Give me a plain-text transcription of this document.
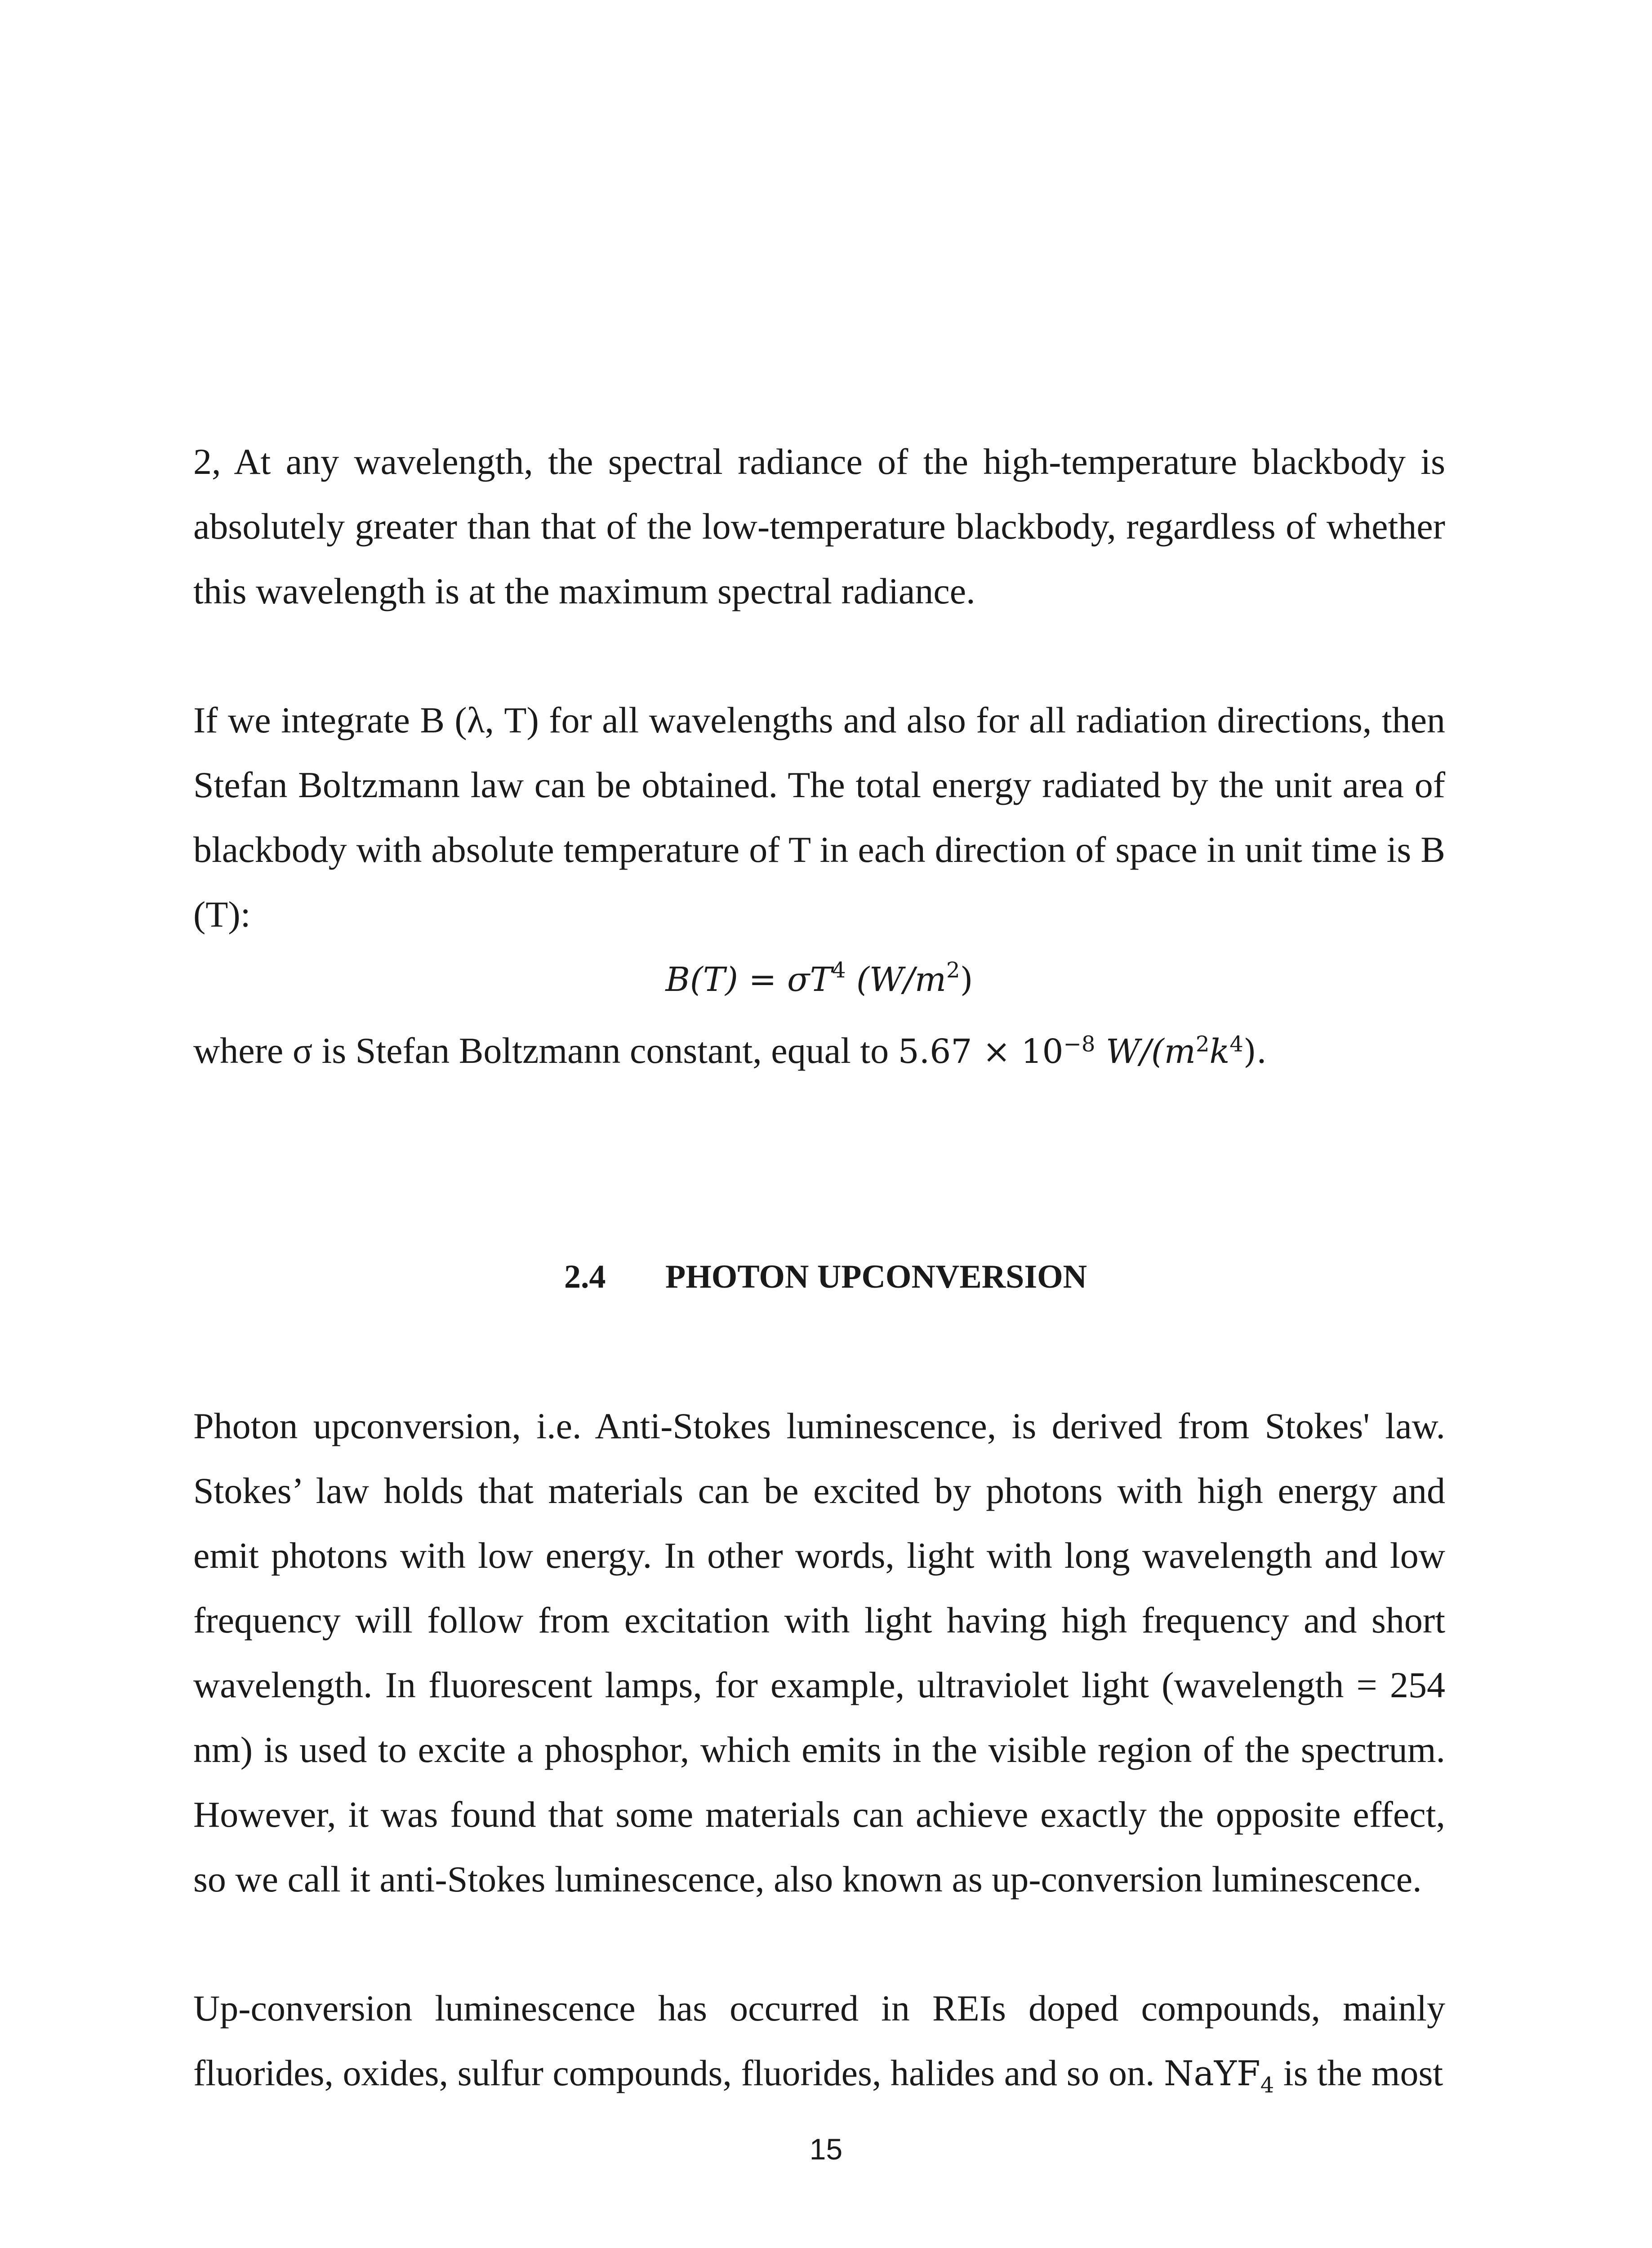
2, At any wavelength, the spectral radiance of the high-temperature blackbody is absolutely greater than that of the low-temperature blackbody, regardless of whether this wavelength is at the maximum spectral radiance.

If we integrate B (λ, T) for all wavelengths and also for all radiation directions, then Stefan Boltzmann law can be obtained. The total energy radiated by the unit area of blackbody with absolute temperature of T in each direction of space in unit time is B (T):

$B(T) = \sigma T^4$ $(W/m^2)$

where σ is Stefan Boltzmann constant, equal to $5.67 \times 10^{-8}$ $W/(m^2k^4)$.

2.4 PHOTON UPCONVERSION

Photon upconversion, i.e. Anti-Stokes luminescence, is derived from Stokes' law. Stokes’ law holds that materials can be excited by photons with high energy and emit photons with low energy. In other words, light with long wavelength and low frequency will follow from excitation with light having high frequency and short wavelength. In fluorescent lamps, for example, ultraviolet light (wavelength = 254 nm) is used to excite a phosphor, which emits in the visible region of the spectrum. However, it was found that some materials can achieve exactly the opposite effect, so we call it anti-Stokes luminescence, also known as up-conversion luminescence.

Up-conversion luminescence has occurred in REIs doped compounds, mainly fluorides, oxides, sulfur compounds, fluorides, halides and so on. NaYF$_4$ is the most

15
